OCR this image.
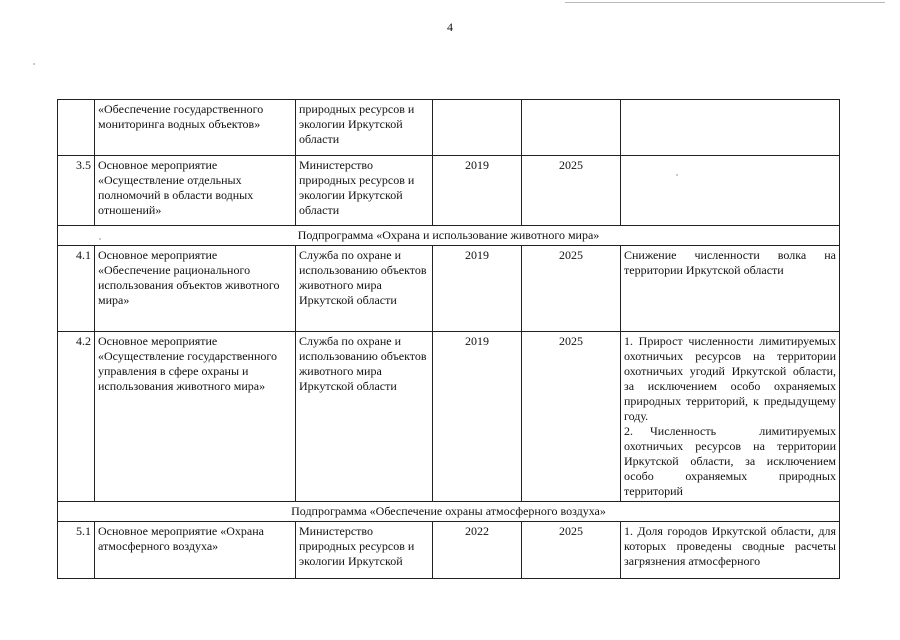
4
	«Обеспечение государственного мониторинга водных объектов»	природных ресурсов и экологии Иркутской области			
3.5	Основное мероприятие «Осуществление отдельных полномочий в области водных отношений»	Министерство природных ресурсов и экологии Иркутской области	2019	2025	
Подпрограмма «Охрана и использование животного мира»					
4.1	Основное мероприятие «Обеспечение рационального использования объектов животного мира»	Служба по охране и использованию объектов животного мира Иркутской области	2019	2025	Снижение численности волка на территории Иркутской области
4.2	Основное мероприятие «Осуществление государственного управления в сфере охраны и использования животного мира»	Служба по охране и использованию объектов животного мира Иркутской области	2019	2025	1. Прирост численности лимитируемых охотничьих ресурсов на территории охотничьих угодий Иркутской области, за исключением особо охраняемых природных территорий, к предыдущему году.
2. Численность лимитируемых охотничьих ресурсов на территории Иркутской области, за исключением особо охраняемых природных территорий

Подпрограмма «Обеспечение охраны атмосферного воздуха»					
5.1	Основное мероприятие «Охрана атмосферного воздуха»	Министерство природных ресурсов и экологии Иркутской	2022	2025	1. Доля городов Иркутской области, для которых проведены сводные расчеты загрязнения атмосферного
